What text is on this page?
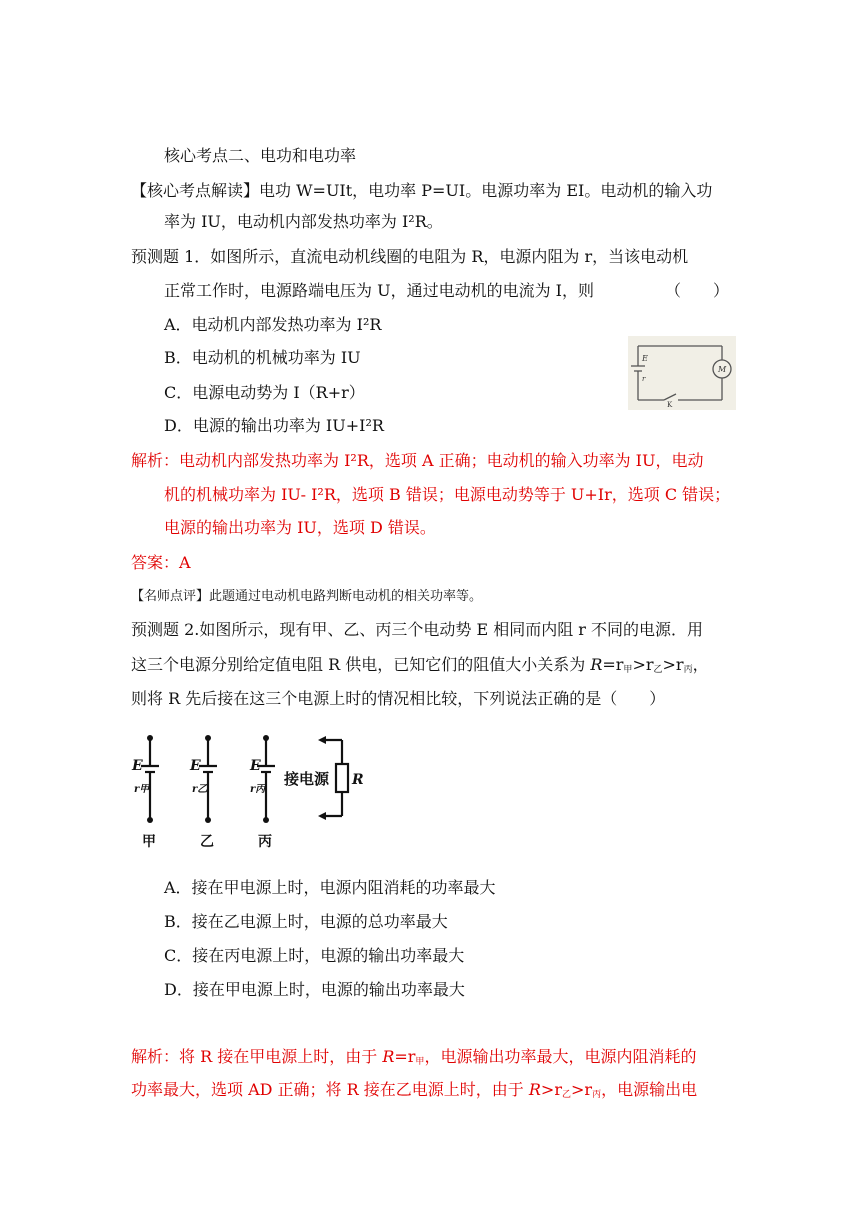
核心考点二、电功和电功率
【核心考点解读】电功 W=UIt，电功率 P=UI。电源功率为 EI。电动机的输入功
率为 IU，电动机内部发热功率为 I²R。
预测题 1．如图所示，直流电动机线圈的电阻为 R，电源内阻为 r，当该电动机
正常工作时，电源路端电压为 U，通过电动机的电流为 I，则	（　　）
A．电动机内部发热功率为 I²R
B．电动机的机械功率为 IU
C．电源电动势为 I（R+r）
D．电源的输出功率为 IU+I²R
E
r
M
K
解析：电动机内部发热功率为 I²R，选项 A 正确；电动机的输入功率为 IU，电动
机的机械功率为 IU- I²R，选项 B 错误；电源电动势等于 U+Ir，选项 C 错误；
电源的输出功率为 IU，选项 D 错误。
答案：A
【名师点评】此题通过电动机电路判断电动机的相关功率等。
预测题 2.如图所示，现有甲、乙、丙三个电动势 E 相同而内阻 r 不同的电源．用
这三个电源分别给定值电阻 R 供电，已知它们的阻值大小关系为 R=r甲>r乙>r丙，
则将 R 先后接在这三个电源上时的情况相比较，下列说法正确的是（　　）
E
r甲
E
r乙
E
r丙
R
甲	乙	丙
接电源
A．接在甲电源上时，电源内阻消耗的功率最大
B．接在乙电源上时，电源的总功率最大
C．接在丙电源上时，电源的输出功率最大
D．接在甲电源上时，电源的输出功率最大
解析：将 R 接在甲电源上时，由于 R=r甲，电源输出功率最大，电源内阻消耗的
功率最大，选项 AD 正确；将 R 接在乙电源上时，由于 R>r乙>r丙，电源输出电
